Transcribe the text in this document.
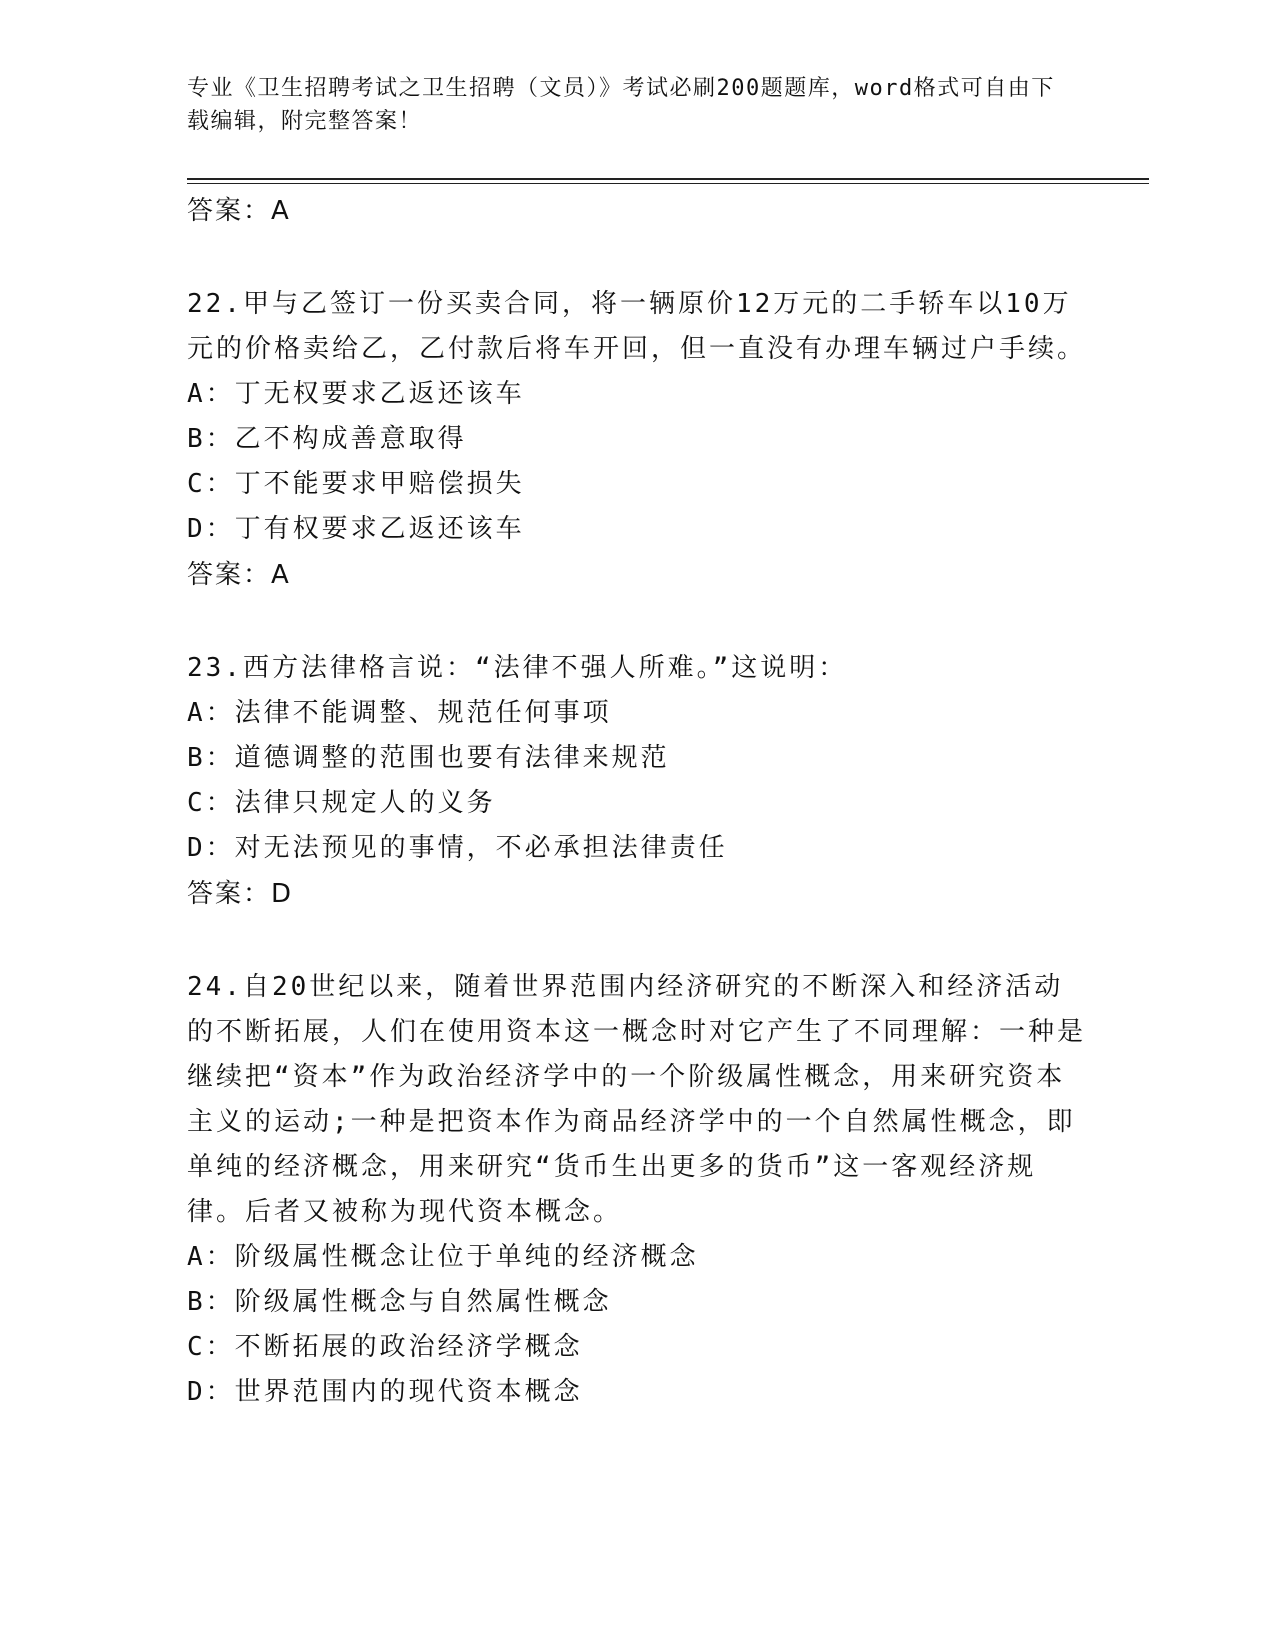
专业《卫生招聘考试之卫生招聘（文员）》考试必刷200题题库，word格式可自由下载编辑，附完整答案！
答案：A
22.甲与乙签订一份买卖合同，将一辆原价12万元的二手轿车以10万元的价格卖给乙，乙付款后将车开回，但一直没有办理车辆过户手续。
A：丁无权要求乙返还该车
B：乙不构成善意取得
C：丁不能要求甲赔偿损失
D：丁有权要求乙返还该车
答案：A
23.西方法律格言说：“法律不强人所难。”这说明：
A：法律不能调整、规范任何事项
B：道德调整的范围也要有法律来规范
C：法律只规定人的义务
D：对无法预见的事情，不必承担法律责任
答案：D
24.自20世纪以来，随着世界范围内经济研究的不断深入和经济活动的不断拓展，人们在使用资本这一概念时对它产生了不同理解：一种是继续把“资本”作为政治经济学中的一个阶级属性概念，用来研究资本主义的运动;一种是把资本作为商品经济学中的一个自然属性概念，即单纯的经济概念，用来研究“货币生出更多的货币”这一客观经济规律。后者又被称为现代资本概念。
A：阶级属性概念让位于单纯的经济概念
B：阶级属性概念与自然属性概念
C：不断拓展的政治经济学概念
D：世界范围内的现代资本概念
